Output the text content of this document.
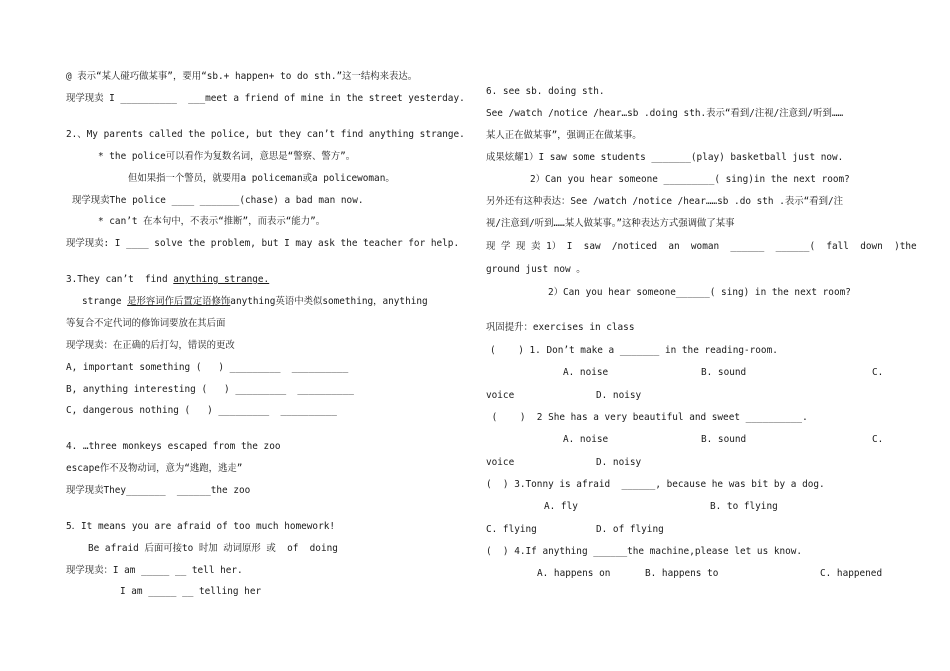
@ 表示“某人碰巧做某事”，要用“sb.+ happen+ to do sth.”这一结构来表达。
现学现卖 I __________  ___meet a friend of mine in the street yesterday.
2.、My parents called the police, but they can’t find anything strange.
* the police可以看作为复数名词，意思是“警察、警方”。
但如果指一个警员，就要用a policeman或a policewoman。
现学现卖The police ____ _______(chase) a bad man now.
* can’t 在本句中，不表示“推断”，而表示“能力”。
现学现卖: I ____ solve the problem, but I may ask the teacher for help.
3.They can’t  find anything strange.
strange 是形容词作后置定语修饰anything英语中类似something，anything
等复合不定代词的修饰词要放在其后面
现学现卖：在正确的后打勾，错误的更改
A, important something (   ) _________  __________
B, anything interesting (   ) _________  __________
C, dangerous nothing (   ) _________  __________
4. …three monkeys escaped from the zoo
escape作不及物动词，意为“逃跑，逃走”
现学现卖They_______  ______the zoo
5．It means you are afraid of too much homework!
Be afraid 后面可接to 时加 动词原形 或  of  doing
现学现卖：I am _____ __ tell her.
I am _____ __ telling her
6. see sb. doing sth.
See /watch /notice /hear…sb .doing sth.表示“看到/注视/注意到/听到……
某人正在做某事”，强调正在做某事。
成果炫耀1）I saw some students _______(play) basketball just now.
2）Can you hear someone _________( sing)in the next room?
另外还有这种表达：See /watch /notice /hear……sb .do sth .表示“看到/注
视/注意到/听到……某人做某事。”这种表达方式强调做了某事
现 学 现 卖 1） I  saw  /noticed  an  woman  ______  ______(  fall  down  )the
ground just now 。
2）Can you hear someone______( sing) in the next room?
巩固提升：exercises in class
(    ) 1. Don’t make a _______ in the reading-room.
A. noise	B. sound	C.
voice	D. noisy
(    )  2 She has a very beautiful and sweet __________.
A. noise	B. sound	C.
voice	D. noisy
(  ) 3.Tonny is afraid  ______, because he was bit by a dog.
A. fly	B. to flying
C. flying	D. of flying
(  ) 4.If anything ______the machine,please let us know.
A. happens on	B. happens to	C. happened
